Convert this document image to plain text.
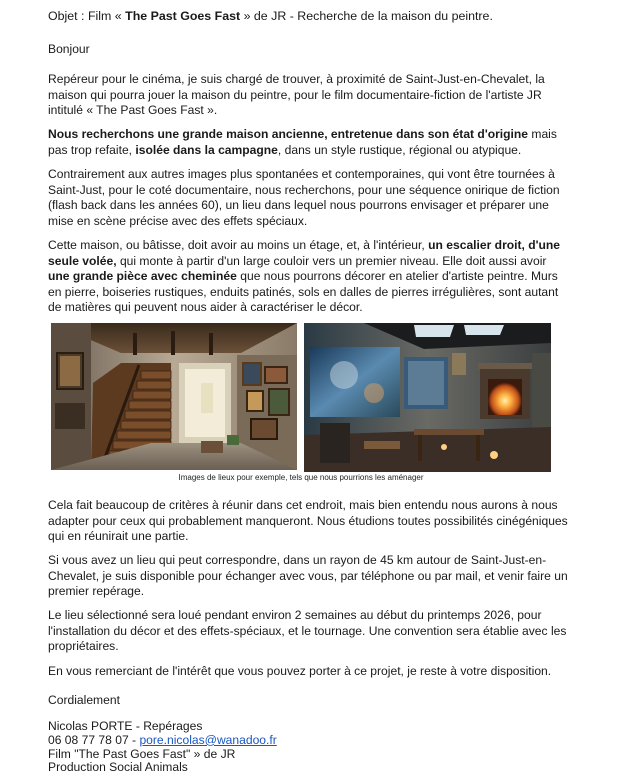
Objet : Film « The Past Goes Fast » de JR - Recherche de la maison du peintre.

Bonjour

Repéreur pour le cinéma, je suis chargé de trouver, à proximité de Saint-Just-en-Chevalet, la maison qui pourra jouer la maison du peintre, pour le film documentaire-fiction de l'artiste JR intitulé « The Past Goes Fast ».

Nous recherchons une grande maison ancienne, entretenue dans son état d'origine mais pas trop refaite, isolée dans la campagne, dans un style rustique, régional ou atypique.

Contrairement aux autres images plus spontanées et contemporaines, qui vont être tournées à Saint-Just, pour le coté documentaire, nous recherchons, pour une séquence onirique de fiction (flash back dans les années 60), un lieu dans lequel nous pourrons envisager et préparer une mise en scène précise avec des effets spéciaux.

Cette maison, ou bâtisse, doit avoir au moins un étage, et, à l'intérieur, un escalier droit, d'une seule volée, qui monte à partir d'un large couloir vers un premier niveau. Elle doit aussi avoir une grande pièce avec cheminée que nous pourrons décorer en atelier d'artiste peintre. Murs en pierre, boiseries rustiques, enduits patinés, sols en dalles de pierres irrégulières, sont autant de matières qui peuvent nous aider à caractériser le décor.

Images de lieux pour exemple, tels que nous pourrions les aménager

Cela fait beaucoup de critères à réunir dans cet endroit, mais bien entendu nous aurons à nous adapter pour ceux qui probablement manqueront. Nous étudions toutes possibilités cinégéniques qui en réunirait une partie.

Si vous avez un lieu qui peut correspondre, dans un rayon de 45 km autour de Saint-Just-en-Chevalet, je suis disponible pour échanger avec vous, par téléphone ou par mail, et venir faire un premier repérage.

Le lieu sélectionné sera loué pendant environ 2 semaines au début du printemps 2026, pour l'installation du décor et des effets-spéciaux, et le tournage. Une convention sera établie avec les propriétaires.

En vous remerciant de l'intérêt que vous pouvez porter à ce projet, je reste à votre disposition.

Cordialement

Nicolas PORTE - Repérages
06 08 77 78 07 - pore.nicolas@wanadoo.fr
Film "The Past Goes Fast" » de JR
Production Social Animals
